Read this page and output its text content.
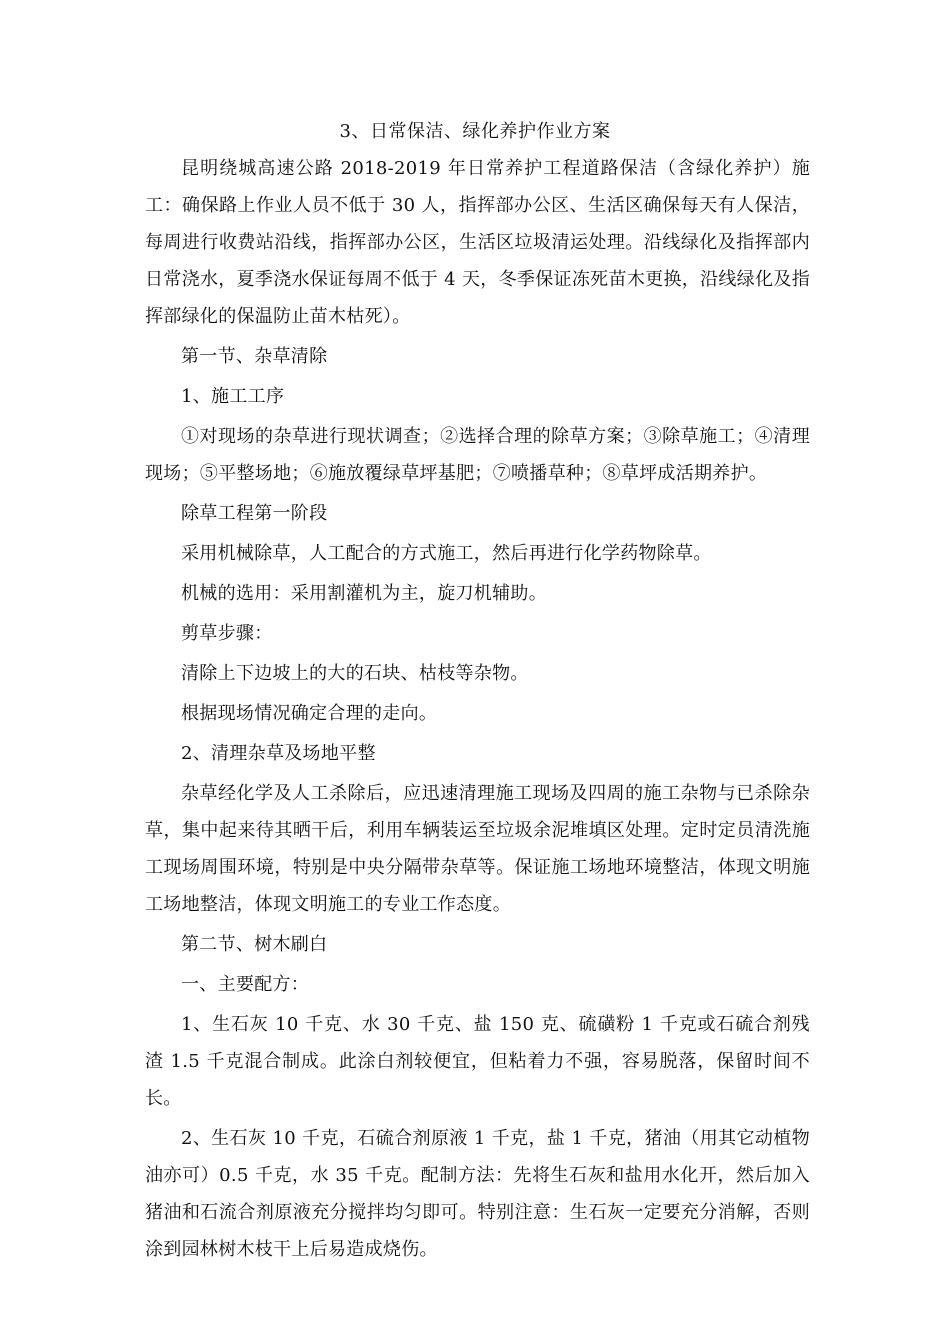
3、日常保洁、绿化养护作业方案

昆明绕城高速公路 2018-2019 年日常养护工程道路保洁（含绿化养护）施工：确保路上作业人员不低于 30 人，指挥部办公区、生活区确保每天有人保洁，每周进行收费站沿线，指挥部办公区，生活区垃圾清运处理。沿线绿化及指挥部内日常浇水，夏季浇水保证每周不低于 4 天，冬季保证冻死苗木更换，沿线绿化及指挥部绿化的保温防止苗木枯死）。

第一节、杂草清除

1、施工工序

①对现场的杂草进行现状调查；②选择合理的除草方案；③除草施工；④清理现场；⑤平整场地；⑥施放覆绿草坪基肥；⑦喷播草种；⑧草坪成活期养护。

除草工程第一阶段

采用机械除草，人工配合的方式施工，然后再进行化学药物除草。

机械的选用：采用割灌机为主，旋刀机辅助。

剪草步骤：

清除上下边坡上的大的石块、枯枝等杂物。

根据现场情况确定合理的走向。

2、清理杂草及场地平整

杂草经化学及人工杀除后，应迅速清理施工现场及四周的施工杂物与已杀除杂草，集中起来待其晒干后，利用车辆装运至垃圾余泥堆填区处理。定时定员清洗施工现场周围环境，特别是中央分隔带杂草等。保证施工场地环境整洁，体现文明施工场地整洁，体现文明施工的专业工作态度。

第二节、树木刷白

一、主要配方：

1、生石灰 10 千克、水 30 千克、盐 150 克、硫磺粉 1 千克或石硫合剂残渣 1.5 千克混合制成。此涂白剂较便宜，但粘着力不强，容易脱落，保留时间不长。

2、生石灰 10 千克，石硫合剂原液 1 千克，盐 1 千克，猪油（用其它动植物油亦可）0.5 千克，水 35 千克。配制方法：先将生石灰和盐用水化开，然后加入猪油和石流合剂原液充分搅拌均匀即可。特别注意：生石灰一定要充分消解，否则涂到园林树木枝干上后易造成烧伤。
